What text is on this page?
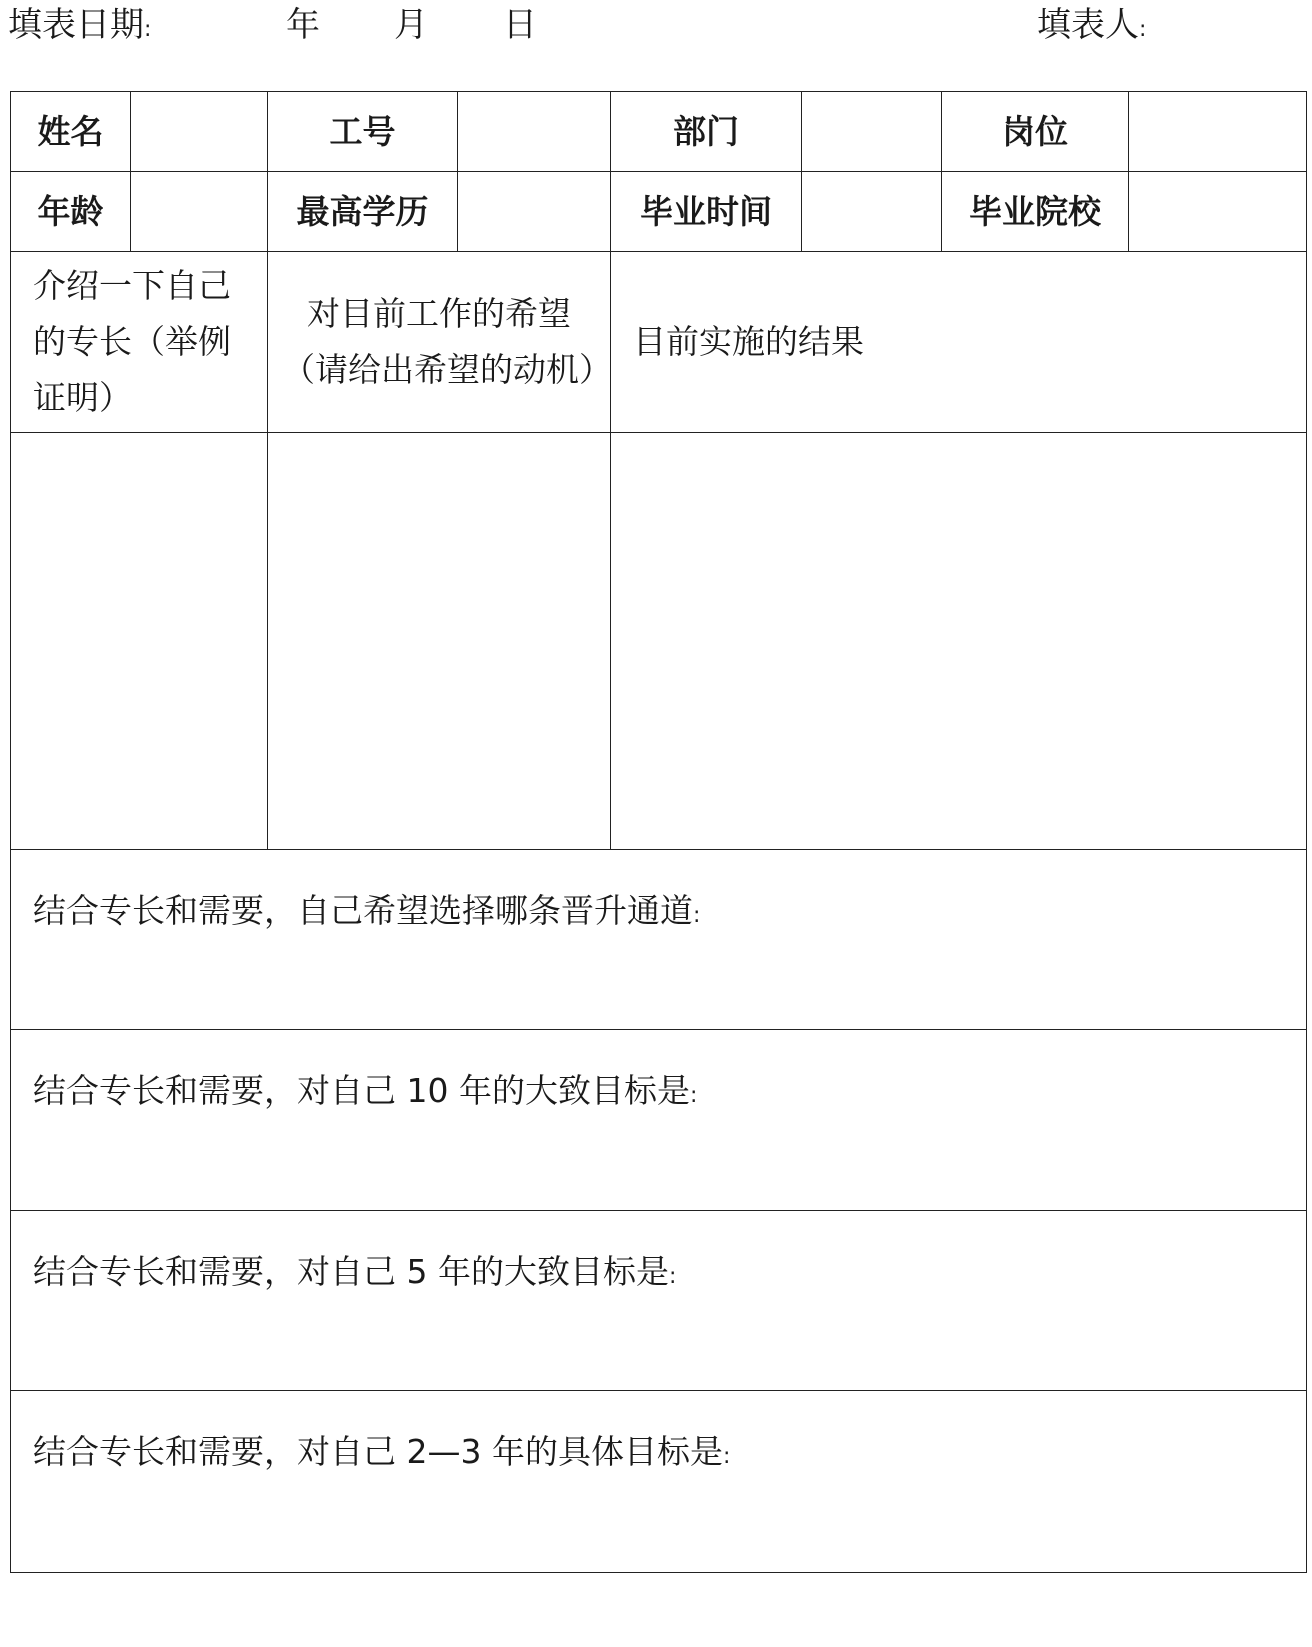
填表日期:	年 月 日	填表人:
姓名		工号		部门		岗位	
年龄		最高学历		毕业时间		毕业院校	
介绍一下自己的专长（举例证明）		对目前工作的希望（请给出希望的动机）		目前实施的结果			

结合专长和需要，自己希望选择哪条晋升通道:							
结合专长和需要，对自己 10 年的大致目标是:							
结合专长和需要，对自己 5 年的大致目标是:							
结合专长和需要，对自己 2—3 年的具体目标是:							
